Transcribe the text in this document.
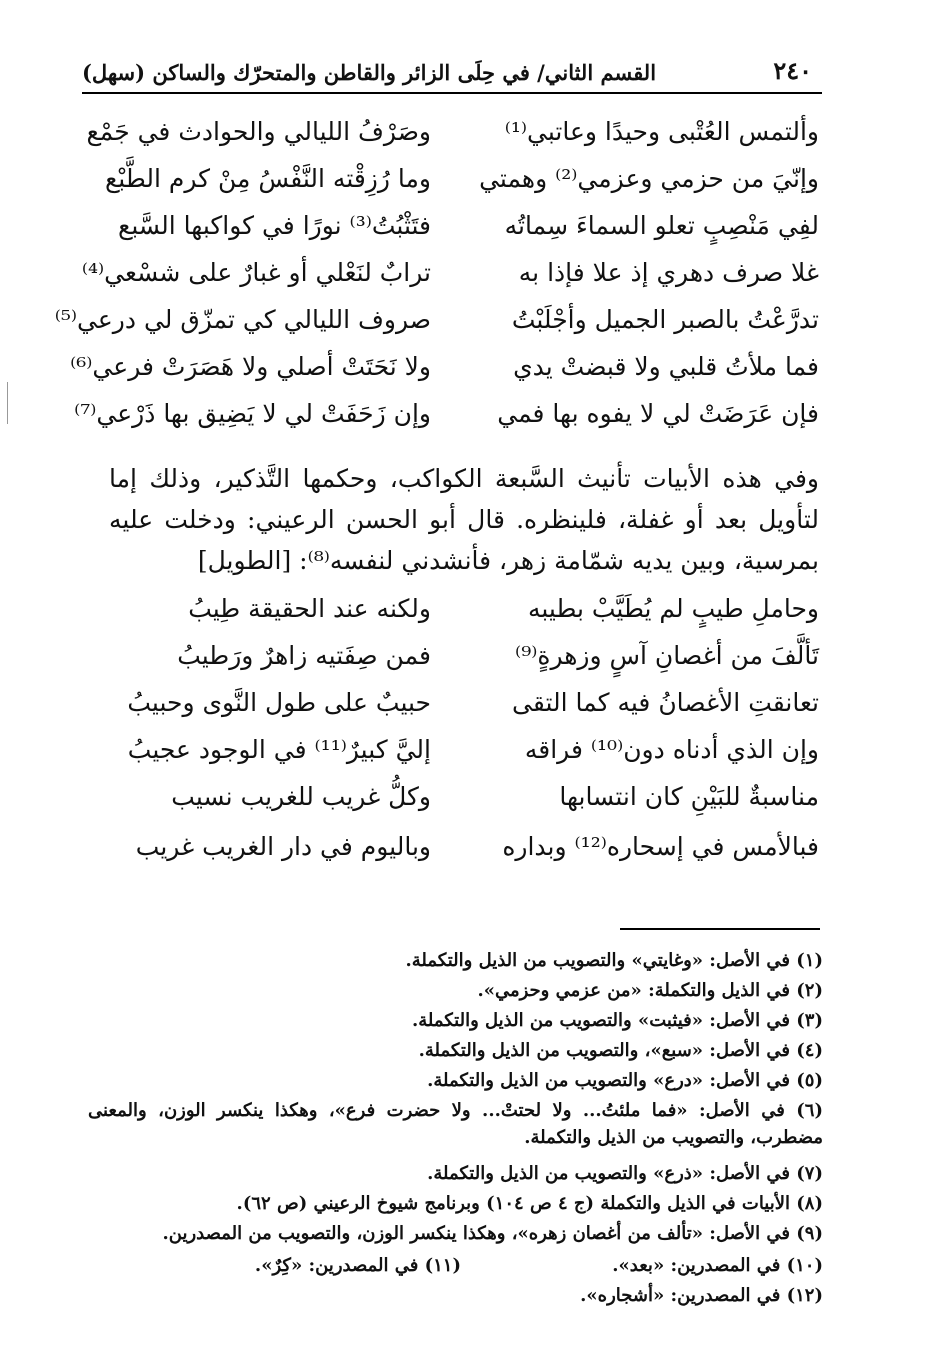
٢٤٠
القسم الثاني/ في حِلَى الزائر والقاطن والمتحرّك والساكن (سهل)
وألتمس العُتْبى وحيدًا وعاتبي⁽¹⁾
وصَرْفُ الليالي والحوادث في جَمْع
وإنّيَ من حزمي وعزمي⁽²⁾ وهمتي
وما رُزِقْته النَّفْسُ مِنْ كرم الطَّبْع
لفِي مَنْصِبٍ تعلو السماءَ سِماتُه
فتَثْبُتُ⁽³⁾ نورًا في كواكبها السَّبع
غلا صرف دهري إذ علا فإذا به
ترابٌ لنَعْلي أو غبارٌ على شسْعي⁽⁴⁾
تدرَّعْتُ بالصبر الجميل وأجْلَبْتُ
صروف الليالي كي تمزّق لي درعي⁽⁵⁾
فما ملأتُ قلبي ولا قبضتْ يدي
ولا نَحَتَتْ أصلي ولا هَصَرَتْ فرعي⁽⁶⁾
فإن عَرَضَتْ لي لا يفوه بها فمي
وإن زَحَفَتْ لي لا يَضِيق بها ذَرْعي⁽⁷⁾
وفي هذه الأبيات تأنيث السَّبعة الكواكب، وحكمها التَّذكير، وذلك إما لتأويل بعد أو غفلة، فلينظره. قال أبو الحسن الرعيني: ودخلت عليه بمرسية، وبين يديه شمّامة زهر، فأنشدني لنفسه⁽⁸⁾: [الطويل]
وحاملِ طيبٍ لم يُطَيَّبْ بطيبه
ولكنه عند الحقيقة طِيبُ
تَألَّفَ من أغصانِ آسٍ وزهرةٍ⁽⁹⁾
فمن صِفَتيه زاهرٌ ورَطيبُ
تعانقتِ الأغصانُ فيه كما التقى
حبيبٌ على طول النَّوى وحبيبُ
وإن الذي أدناه دون⁽¹⁰⁾ فراقه
إليَّ كبيرٌ⁽¹¹⁾ في الوجود عجيبُ
مناسبةٌ للبَيْنِ كان انتسابها
وكلُّ غريب للغريب نسيب
فبالأمس في إسحاره⁽¹²⁾ وبداره
وباليوم في دار الغريب غريب
(١) في الأصل: «وغايتي» والتصويب من الذيل والتكملة.
(٢) في الذيل والتكملة: «من عزمي وحزمي».
(٣) في الأصل: «فيثبت» والتصويب من الذيل والتكملة.
(٤) في الأصل: «سبع»، والتصويب من الذيل والتكملة.
(٥) في الأصل: «درع» والتصويب من الذيل والتكملة.
(٦) في الأصل: «فما ملئتُ... ولا لحتتْ... ولا حضرت فرع»، وهكذا ينكسر الوزن، والمعنى مضطرب، والتصويب من الذيل والتكملة.
(٧) في الأصل: «ذرع» والتصويب من الذيل والتكملة.
(٨) الأبيات في الذيل والتكملة (ج ٤ ص ١٠٤) وبرنامج شيوخ الرعيني (ص ٦٢).
(٩) في الأصل: «تألف من أغصان زهره»، وهكذا ينكسر الوزن، والتصويب من المصدرين.
(١٠) في المصدرين: «بعد».
(١١) في المصدرين: «كِرٌ».
(١٢) في المصدرين: «أشجاره».
